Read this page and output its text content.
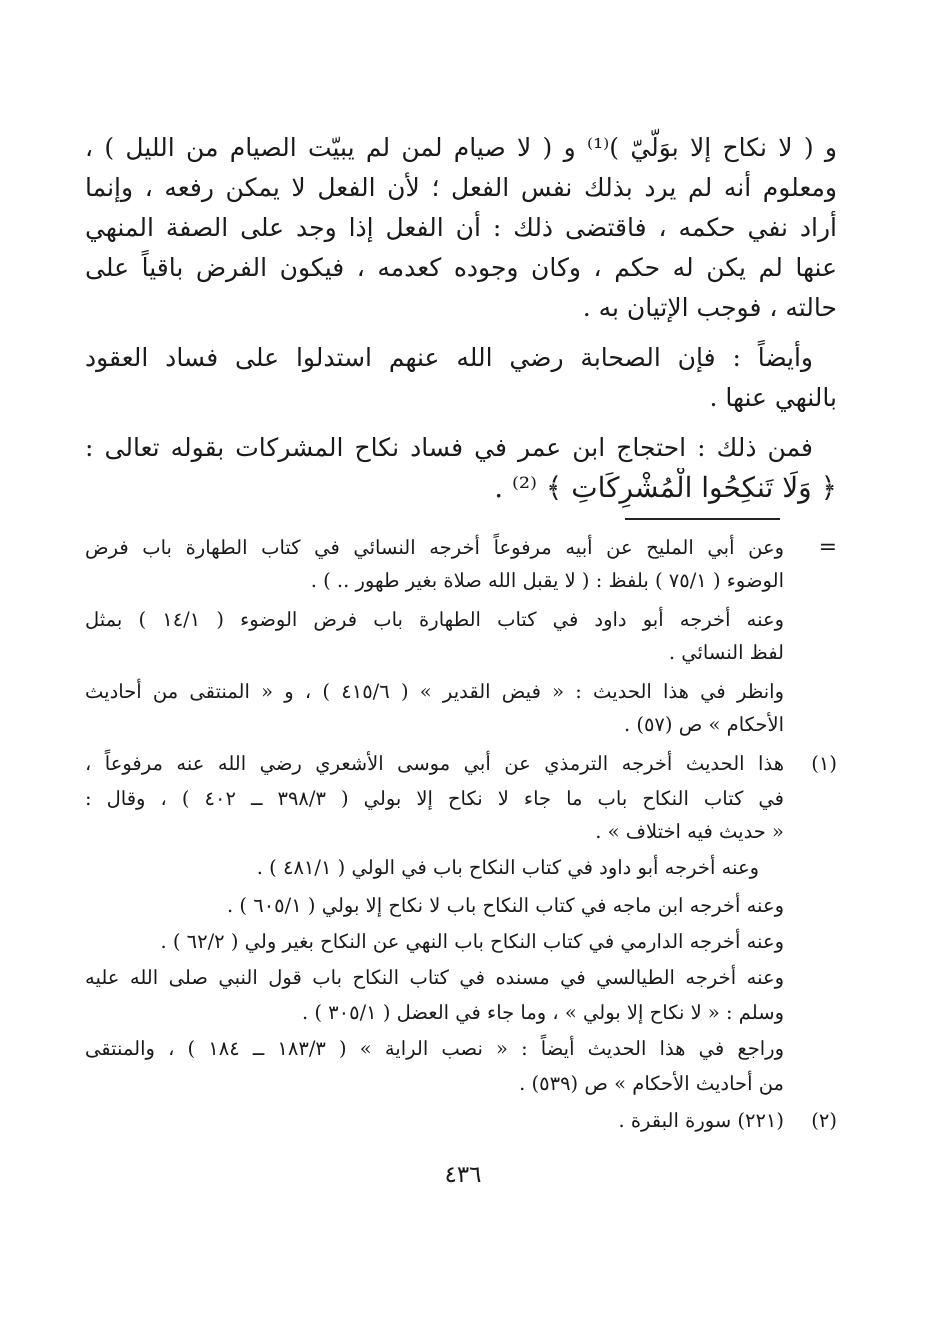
و ( لا نكاح إلا بوَلّيّ )⁽¹⁾ و ( لا صيام لمن لم يبيّت الصيام من الليل ) ،
ومعلوم أنه لم يرد بذلك نفس الفعل ؛ لأن الفعل لا يمكن رفعه ، وإنما
أراد نفي حكمه ، فاقتضى ذلك : أن الفعل إذا وجد على الصفة المنهي
عنها لم يكن له حكم ، وكان وجوده كعدمه ، فيكون الفرض باقياً على
حالته ، فوجب الإتيان به .
وأيضاً : فإن الصحابة رضي الله عنهم استدلوا على فساد العقود
بالنهي عنها .
فمن ذلك : احتجاج ابن عمر في فساد نكاح المشركات بقوله تعالى :
﴿ وَلَا تَنكِحُوا الْمُشْرِكَاتِ ﴾ ⁽²⁾ .
=
وعن أبي المليح عن أبيه مرفوعاً أخرجه النسائي في كتاب الطهارة باب فرض
الوضوء ( ٧٥/١ ) بلفظ : ( لا يقبل الله صلاة بغير طهور .. ) .
وعنه أخرجه أبو داود في كتاب الطهارة باب فرض الوضوء ( ١٤/١ ) بمثل
لفظ النسائي .
وانظر في هذا الحديث : « فيض القدير » ( ٤١٥/٦ ) ، و « المنتقى من أحاديث
الأحكام » ص (٥٧) .
(١)
هذا الحديث أخرجه الترمذي عن أبي موسى الأشعري رضي الله عنه مرفوعاً ،
في كتاب النكاح باب ما جاء لا نكاح إلا بولي ( ٣٩٨/٣ ــ ٤٠٢ ) ، وقال :
« حديث فيه اختلاف » .
وعنه أخرجه أبو داود في كتاب النكاح باب في الولي ( ٤٨١/١ ) .
وعنه أخرجه ابن ماجه في كتاب النكاح باب لا نكاح إلا بولي ( ٦٠٥/١ ) .
وعنه أخرجه الدارمي في كتاب النكاح باب النهي عن النكاح بغير ولي ( ٦٢/٢ ) .
وعنه أخرجه الطيالسي في مسنده في كتاب النكاح باب قول النبي صلى الله عليه
وسلم : « لا نكاح إلا بولي » ، وما جاء في العضل ( ٣٠٥/١ ) .
وراجع في هذا الحديث أيضاً : « نصب الراية » ( ١٨٣/٣ ــ ١٨٤ ) ، والمنتقى
من أحاديث الأحكام » ص (٥٣٩) .
(٢)
(٢٢١) سورة البقرة .
٤٣٦
